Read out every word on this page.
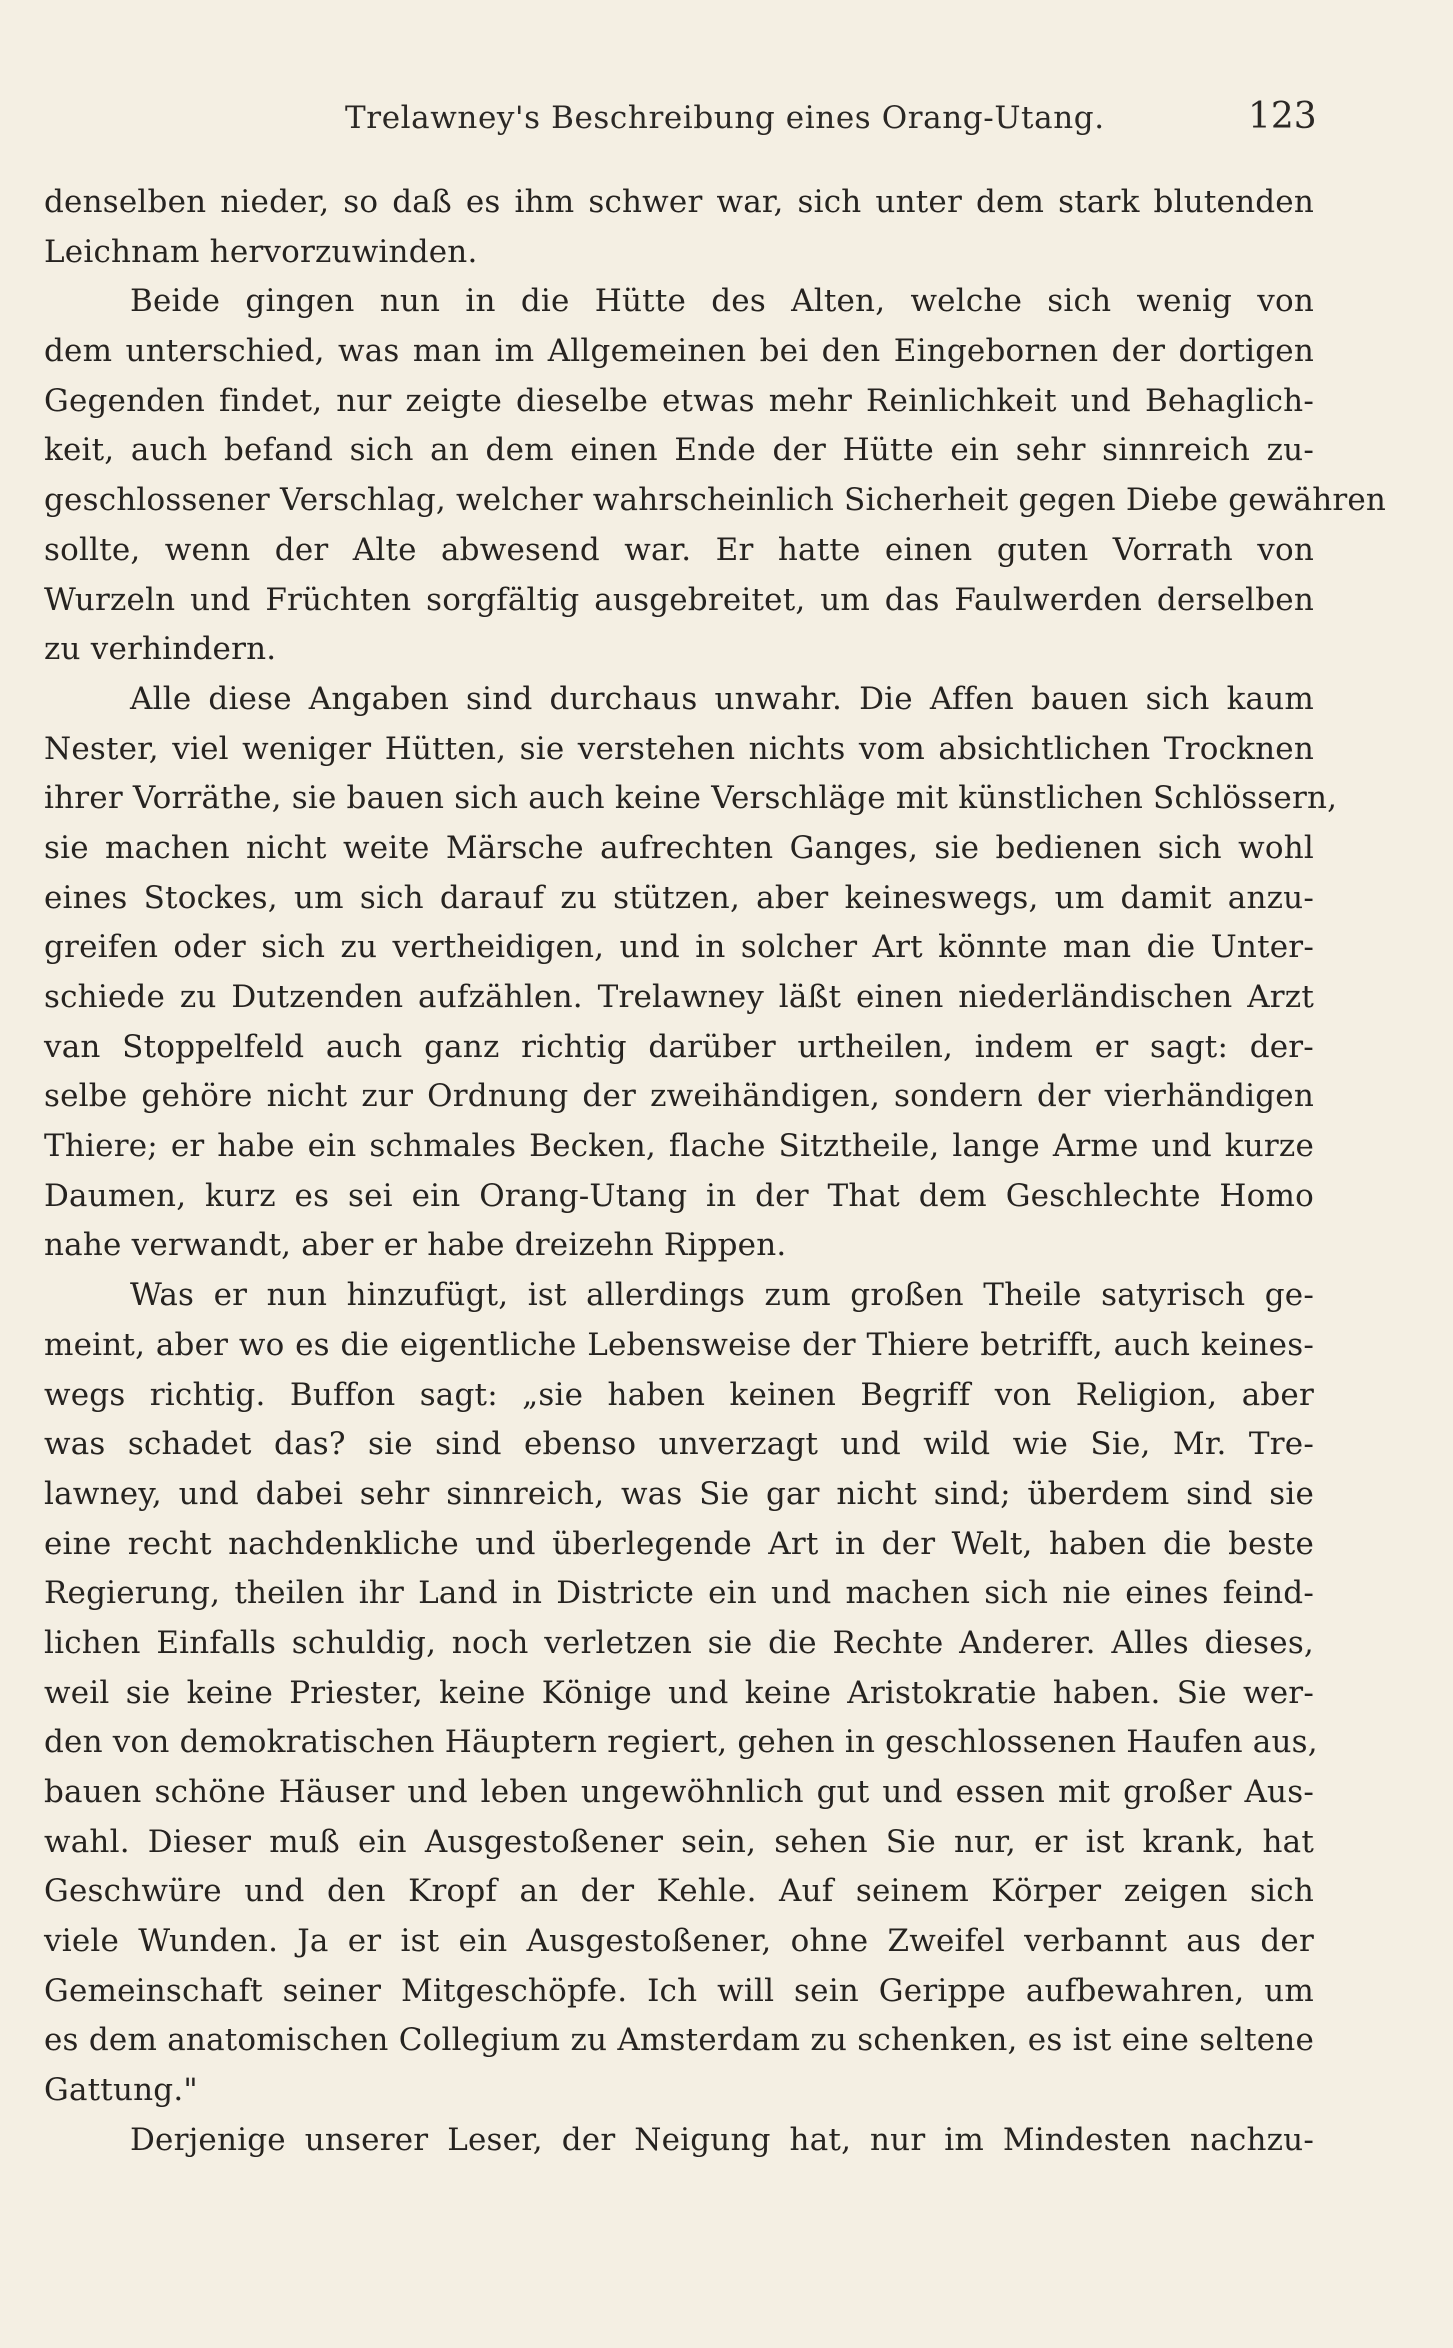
Trelawney's Beschreibung eines Orang-Utang.	123
denselben nieder, so daß es ihm schwer war, sich unter dem stark blutenden
Leichnam hervorzuwinden.
Beide gingen nun in die Hütte des Alten, welche sich wenig von
dem unterschied, was man im Allgemeinen bei den Eingebornen der dortigen
Gegenden findet, nur zeigte dieselbe etwas mehr Reinlichkeit und Behaglich-
keit, auch befand sich an dem einen Ende der Hütte ein sehr sinnreich zu-
geschlossener Verschlag, welcher wahrscheinlich Sicherheit gegen Diebe gewähren
sollte, wenn der Alte abwesend war. Er hatte einen guten Vorrath von
Wurzeln und Früchten sorgfältig ausgebreitet, um das Faulwerden derselben
zu verhindern.
Alle diese Angaben sind durchaus unwahr. Die Affen bauen sich kaum
Nester, viel weniger Hütten, sie verstehen nichts vom absichtlichen Trocknen
ihrer Vorräthe, sie bauen sich auch keine Verschläge mit künstlichen Schlössern,
sie machen nicht weite Märsche aufrechten Ganges, sie bedienen sich wohl
eines Stockes, um sich darauf zu stützen, aber keineswegs, um damit anzu-
greifen oder sich zu vertheidigen, und in solcher Art könnte man die Unter-
schiede zu Dutzenden aufzählen. Trelawney läßt einen niederländischen Arzt
van Stoppelfeld auch ganz richtig darüber urtheilen, indem er sagt: der-
selbe gehöre nicht zur Ordnung der zweihändigen, sondern der vierhändigen
Thiere; er habe ein schmales Becken, flache Sitztheile, lange Arme und kurze
Daumen, kurz es sei ein Orang-Utang in der That dem Geschlechte Homo
nahe verwandt, aber er habe dreizehn Rippen.
Was er nun hinzufügt, ist allerdings zum großen Theile satyrisch ge-
meint, aber wo es die eigentliche Lebensweise der Thiere betrifft, auch keines-
wegs richtig. Buffon sagt: „sie haben keinen Begriff von Religion, aber
was schadet das? sie sind ebenso unverzagt und wild wie Sie, Mr. Tre-
lawney, und dabei sehr sinnreich, was Sie gar nicht sind; überdem sind sie
eine recht nachdenkliche und überlegende Art in der Welt, haben die beste
Regierung, theilen ihr Land in Districte ein und machen sich nie eines feind-
lichen Einfalls schuldig, noch verletzen sie die Rechte Anderer. Alles dieses,
weil sie keine Priester, keine Könige und keine Aristokratie haben. Sie wer-
den von demokratischen Häuptern regiert, gehen in geschlossenen Haufen aus,
bauen schöne Häuser und leben ungewöhnlich gut und essen mit großer Aus-
wahl. Dieser muß ein Ausgestoßener sein, sehen Sie nur, er ist krank, hat
Geschwüre und den Kropf an der Kehle. Auf seinem Körper zeigen sich
viele Wunden. Ja er ist ein Ausgestoßener, ohne Zweifel verbannt aus der
Gemeinschaft seiner Mitgeschöpfe. Ich will sein Gerippe aufbewahren, um
es dem anatomischen Collegium zu Amsterdam zu schenken, es ist eine seltene
Gattung."
Derjenige unserer Leser, der Neigung hat, nur im Mindesten nachzu-
